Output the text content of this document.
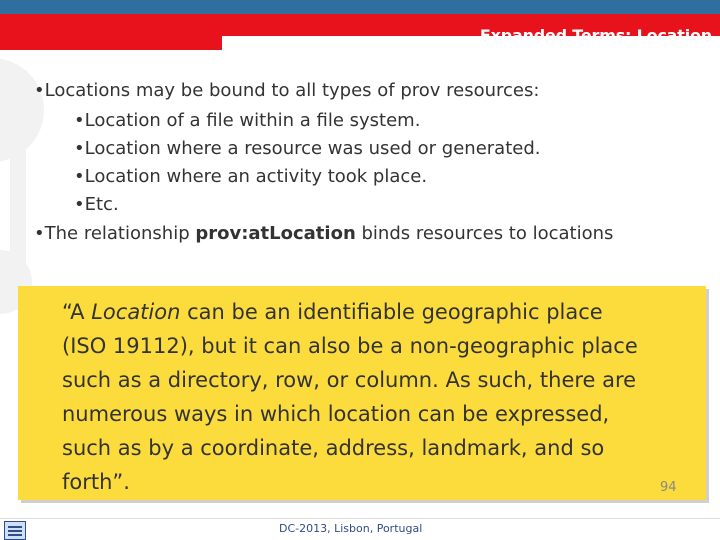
Expanded Terms: Location
•Locations may be bound to all types of prov resources:
•Location of a file within a file system.
•Location where a resource was used or generated.
•Location where an activity took place.
•Etc.
•The relationship prov:atLocation binds resources to locations
“A Location can be an identifiable geographic place
(ISO 19112), but it can also be a non-geographic place
such as a directory, row, or column. As such, there are
numerous ways in which location can be expressed,
such as by a coordinate, address, landmark, and so
forth”.
DC-2013, Lisbon, Portugal
94
